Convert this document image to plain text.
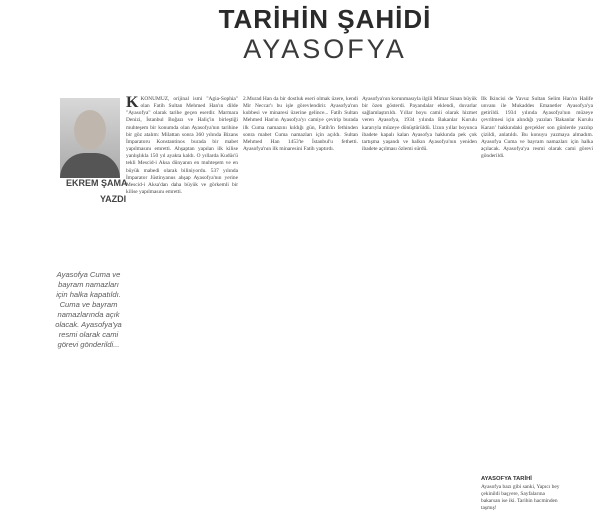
TARİHİN ŞAHİDİ
AYASOFYA
EKREM ŞAMA
YAZDI
Ayasofya Cuma ve bayram namazları için halka kapatıldı. Cuma ve bayram namazlarında açık olacak. Ayasofya'ya resmi olarak cami görevi gönderildi...
KKONUMUZ, orijinal ismi "Agia-Sophia" olan Fatih Sultan Mehmed Han'ın dilde "Ayasofya" olarak tarihe geçen eserdir. Marmara Denizi, İstanbul Boğazı ve Haliç'in birleştiği muhteşem bir konumda olan Ayasofya'nın tarihine bir göz atalım: Milattan sonra 360 yılında Bizans İmparatoru Konstantinos burada bir mabet yapılmasını emretti. Ahşaptan yapılan ilk kilise yanlışlıkla 150 yıl ayakta kaldı. O yıllarda Kudüs'ü tekli Mescid-i Aksa dünyanın en muhteşem ve en büyük mabedi olarak biliniyordu. 537 yılında İmparator Jüstinyanus ahşap Ayasofya'nın yerine Mescid-i Aksa'dan daha büyük ve görkemli bir kilise yapılmasını emretti.
2.Murad Han da bir dostluk eseri olmak üzere, kendi Mir Neccar'ı bu işle görevlendirir. Ayasofya'nın kubbesi ve minaresi üzerine gelince... Fatih Sultan Mehmed Han'ın Ayasofya'yı camiye çevirip burada ilk Cuma namazını kıldığı gün, Fatih'in fethinden sonra mabet Cuma namazları için açıldı. Sultan Mehmed Han 1453'te İstanbul'u fethetti. Ayasofya'nın ilk minaresini Fatih yaptırdı.
Ayasofya'nın korunmasıyla ilgili Mimar Sinan büyük bir özen gösterdi. Payandalar eklendi, duvarlar sağlamlaştırıldı. Yıllar boyu camii olarak hizmet veren Ayasofya, 1934 yılında Bakanlar Kurulu kararıyla müzeye dönüştürüldü. Uzun yıllar boyunca ibadete kapalı kalan Ayasofya hakkında pek çok tartışma yaşandı ve halkın Ayasofya'nın yeniden ibadete açılması özlemi sürdü.
İlk İkincisi de Yavuz Sultan Selim Han'ın Halife unvanı ile Mukaddes Emanetler Ayasofya'ya getirildi. 1934 yılında Ayasofya'nın müzeye çevrilmesi için alındığı yazılan 'Bakanlar Kurulu Kararı' hakkındaki gerçekler son günlerde yazılıp çizildi, anlatıldı. Bu konuyu yazmaya almadım. Ayasofya Cuma ve bayram namazları için halka açılacak. Ayasofya'ya resmi olarak cami görevi gönderildi.
AYASOFYA TARİHİ
Ayasofya bazı gibi sanki, Yapıcı bey çekinildi başyere, Sayfalarına bakarsan ise iki. Tarihin hacminden taşmış!
